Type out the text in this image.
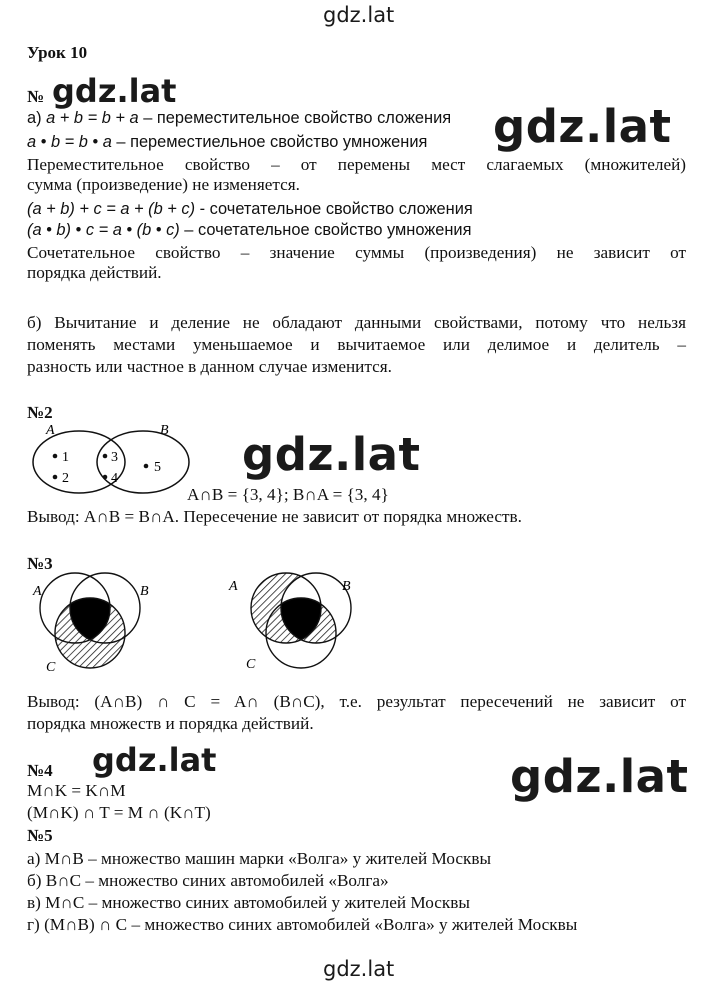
gdz.lat
gdz.lat
Урок 10
№ gdz.lat
gdz.lat
а) a + b = b + a – переместительное свойство сложения
a • b = b • a – переместиельное свойство умножения
Переместительное свойство – от перемены мест слагаемых (множителей)
сумма (произведение) не изменяется.
(a + b) + c = a + (b + c) - сочетательное свойство сложения
(a • b) • c = a • (b • c) – сочетательное свойство умножения
Сочетательное свойство – значение суммы (произведения) не зависит от
порядка действий.
б) Вычитание и деление не обладают данными свойствами, потому что нельзя
поменять местами уменьшаемое и вычитаемое или делимое и делитель –
разность или частное в данном случае изменится.
№2
A	B
1
2
3
4
5 gdz.lat
A∩B = {3, 4}; B∩A = {3, 4}
Вывод: A∩B = B∩A. Пересечение не зависит от порядка множеств.
№3
A	B
C
A	B
C
Вывод: (A∩B) ∩ C = A∩ (B∩C), т.е. результат пересечений не зависит от
порядка множеств и порядка действий.
№4 gdz.lat	gdz.lat
M∩K = K∩M
(M∩K) ∩ T = M ∩ (K∩T)
№5
а) M∩B – множество машин марки «Волга» у жителей Москвы
б) B∩C – множество синих автомобилей «Волга»
в) M∩C – множество синих автомобилей у жителей Москвы
г) (M∩B) ∩ C – множество синих автомобилей «Волга» у жителей Москвы
